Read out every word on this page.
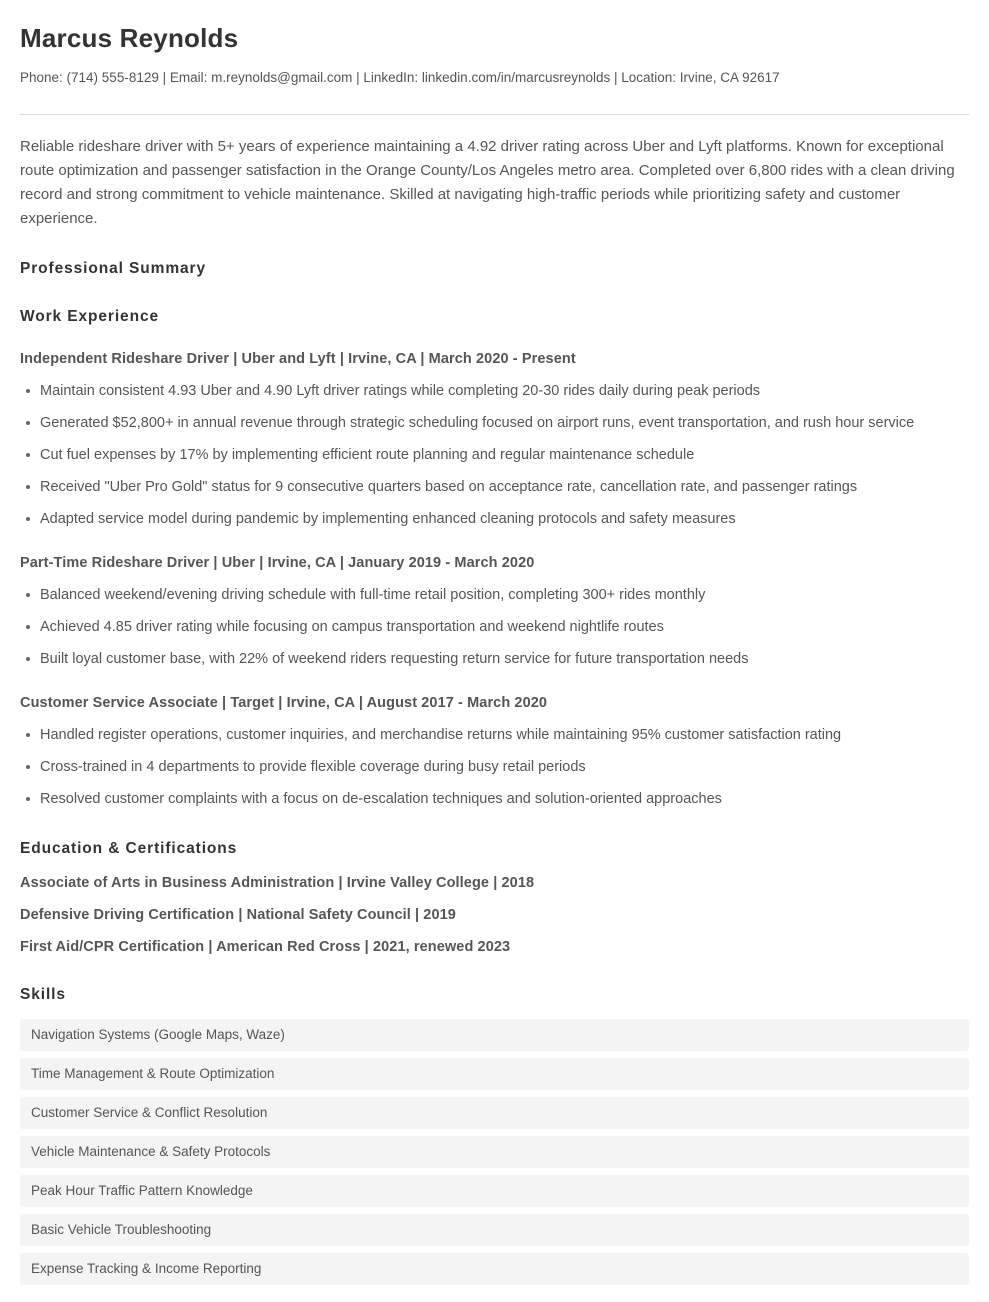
Marcus Reynolds

Phone: (714) 555-8129 | Email: m.reynolds@gmail.com | LinkedIn: linkedin.com/in/marcusreynolds | Location: Irvine, CA 92617

Reliable rideshare driver with 5+ years of experience maintaining a 4.92 driver rating across Uber and Lyft platforms. Known for exceptional route optimization and passenger satisfaction in the Orange County/Los Angeles metro area. Completed over 6,800 rides with a clean driving record and strong commitment to vehicle maintenance. Skilled at navigating high-traffic periods while prioritizing safety and customer experience.

Professional Summary
Work Experience
Independent Rideshare Driver | Uber and Lyft | Irvine, CA | March 2020 - Present
Maintain consistent 4.93 Uber and 4.90 Lyft driver ratings while completing 20-30 rides daily during peak periods
Generated $52,800+ in annual revenue through strategic scheduling focused on airport runs, event transportation, and rush hour service
Cut fuel expenses by 17% by implementing efficient route planning and regular maintenance schedule
Received "Uber Pro Gold" status for 9 consecutive quarters based on acceptance rate, cancellation rate, and passenger ratings
Adapted service model during pandemic by implementing enhanced cleaning protocols and safety measures
Part-Time Rideshare Driver | Uber | Irvine, CA | January 2019 - March 2020
Balanced weekend/evening driving schedule with full-time retail position, completing 300+ rides monthly
Achieved 4.85 driver rating while focusing on campus transportation and weekend nightlife routes
Built loyal customer base, with 22% of weekend riders requesting return service for future transportation needs
Customer Service Associate | Target | Irvine, CA | August 2017 - March 2020
Handled register operations, customer inquiries, and merchandise returns while maintaining 95% customer satisfaction rating
Cross-trained in 4 departments to provide flexible coverage during busy retail periods
Resolved customer complaints with a focus on de-escalation techniques and solution-oriented approaches
Education & Certifications
Associate of Arts in Business Administration | Irvine Valley College | 2018
Defensive Driving Certification | National Safety Council | 2019
First Aid/CPR Certification | American Red Cross | 2021, renewed 2023
Skills
Navigation Systems (Google Maps, Waze)
Time Management & Route Optimization
Customer Service & Conflict Resolution
Vehicle Maintenance & Safety Protocols
Peak Hour Traffic Pattern Knowledge
Basic Vehicle Troubleshooting
Expense Tracking & Income Reporting
